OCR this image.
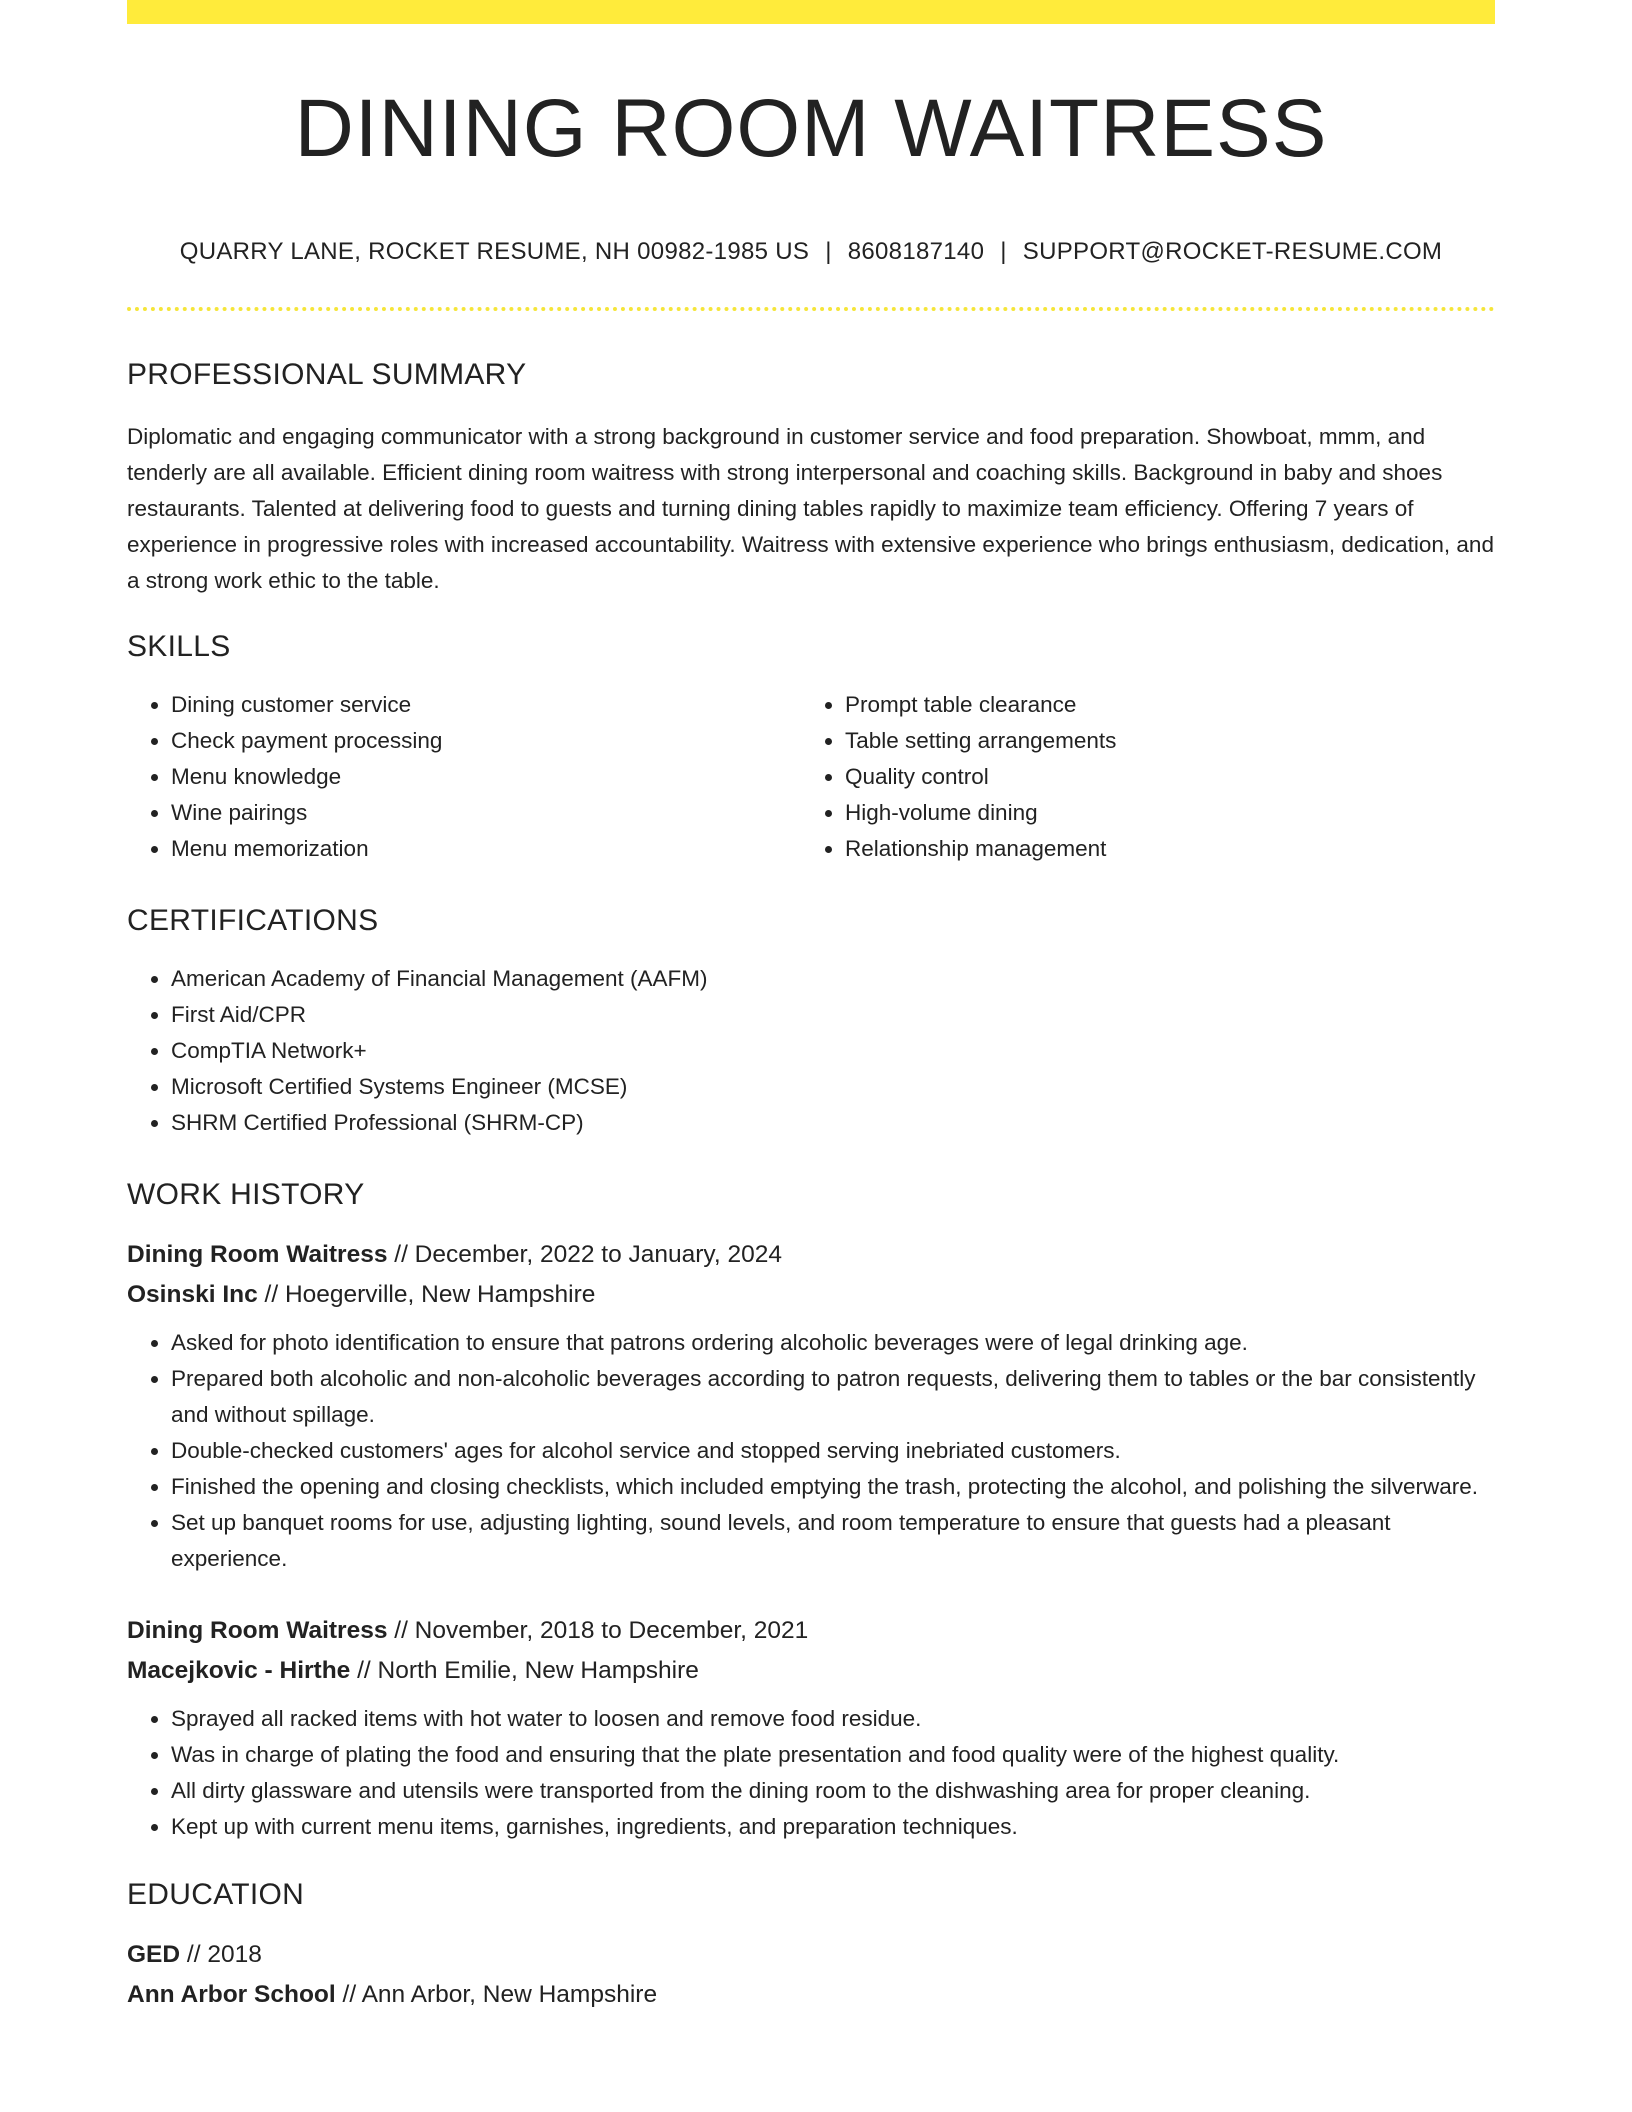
DINING ROOM WAITRESS
QUARRY LANE, ROCKET RESUME, NH 00982-1985 US | 8608187140 | SUPPORT@ROCKET-RESUME.COM
PROFESSIONAL SUMMARY

Diplomatic and engaging communicator with a strong background in customer service and food preparation. Showboat, mmm, and tenderly are all available. Efficient dining room waitress with strong interpersonal and coaching skills. Background in baby and shoes restaurants. Talented at delivering food to guests and turning dining tables rapidly to maximize team efficiency. Offering 7 years of experience in progressive roles with increased accountability. Waitress with extensive experience who brings enthusiasm, dedication, and a strong work ethic to the table.

SKILLS
• Dining customer service
• Check payment processing
• Menu knowledge
• Wine pairings
• Menu memorization
• Prompt table clearance
• Table setting arrangements
• Quality control
• High-volume dining
• Relationship management
CERTIFICATIONS
• American Academy of Financial Management (AAFM)
• First Aid/CPR
• CompTIA Network+
• Microsoft Certified Systems Engineer (MCSE)
• SHRM Certified Professional (SHRM-CP)
WORK HISTORY
Dining Room Waitress // December, 2022 to January, 2024
Osinski Inc // Hoegerville, New Hampshire
• Asked for photo identification to ensure that patrons ordering alcoholic beverages were of legal drinking age.
• Prepared both alcoholic and non-alcoholic beverages according to patron requests, delivering them to tables or the bar consistently and without spillage.
• Double-checked customers' ages for alcohol service and stopped serving inebriated customers.
• Finished the opening and closing checklists, which included emptying the trash, protecting the alcohol, and polishing the silverware.
• Set up banquet rooms for use, adjusting lighting, sound levels, and room temperature to ensure that guests had a pleasant experience.
Dining Room Waitress // November, 2018 to December, 2021
Macejkovic - Hirthe // North Emilie, New Hampshire
• Sprayed all racked items with hot water to loosen and remove food residue.
• Was in charge of plating the food and ensuring that the plate presentation and food quality were of the highest quality.
• All dirty glassware and utensils were transported from the dining room to the dishwashing area for proper cleaning.
• Kept up with current menu items, garnishes, ingredients, and preparation techniques.
EDUCATION
GED // 2018
Ann Arbor School // Ann Arbor, New Hampshire
